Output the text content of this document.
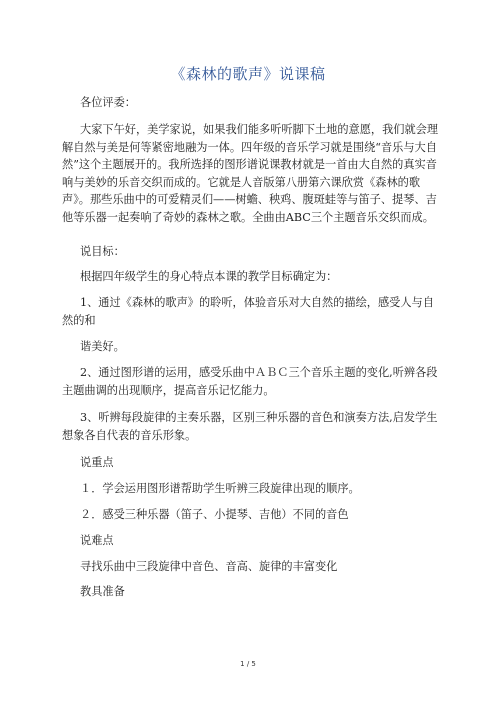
《森林的歌声》说课稿

各位评委：

大家下午好，美学家说，如果我们能多听听脚下土地的意愿，我们就会理解自然与美是何等紧密地融为一体。四年级的音乐学习就是围绕“音乐与大自然”这个主题展开的。我所选择的图形谱说课教材就是一首由大自然的真实音响与美妙的乐音交织而成的。它就是人音版第八册第六课欣赏《森林的歌声》。那些乐曲中的可爱精灵们——树蟾、秧鸡、腹斑蛙等与笛子、提琴、吉他等乐器一起奏响了奇妙的森林之歌。全曲由ABC三个主题音乐交织而成。

说目标：

根据四年级学生的身心特点本课的教学目标确定为：

1、通过《森林的歌声》的聆听，体验音乐对大自然的描绘，感受人与自然的和

谐美好。

2、通过图形谱的运用，感受乐曲中ＡＢＣ三个音乐主题的变化,听辨各段主题曲调的出现顺序，提高音乐记忆能力。

3、听辨每段旋律的主奏乐器，区别三种乐器的音色和演奏方法,启发学生想象各自代表的音乐形象。

说重点

１．学会运用图形谱帮助学生听辨三段旋律出现的顺序。

２．感受三种乐器（笛子、小提琴、吉他）不同的音色

说难点

寻找乐曲中三段旋律中音色、音高、旋律的丰富变化

教具准备

1 / 5
